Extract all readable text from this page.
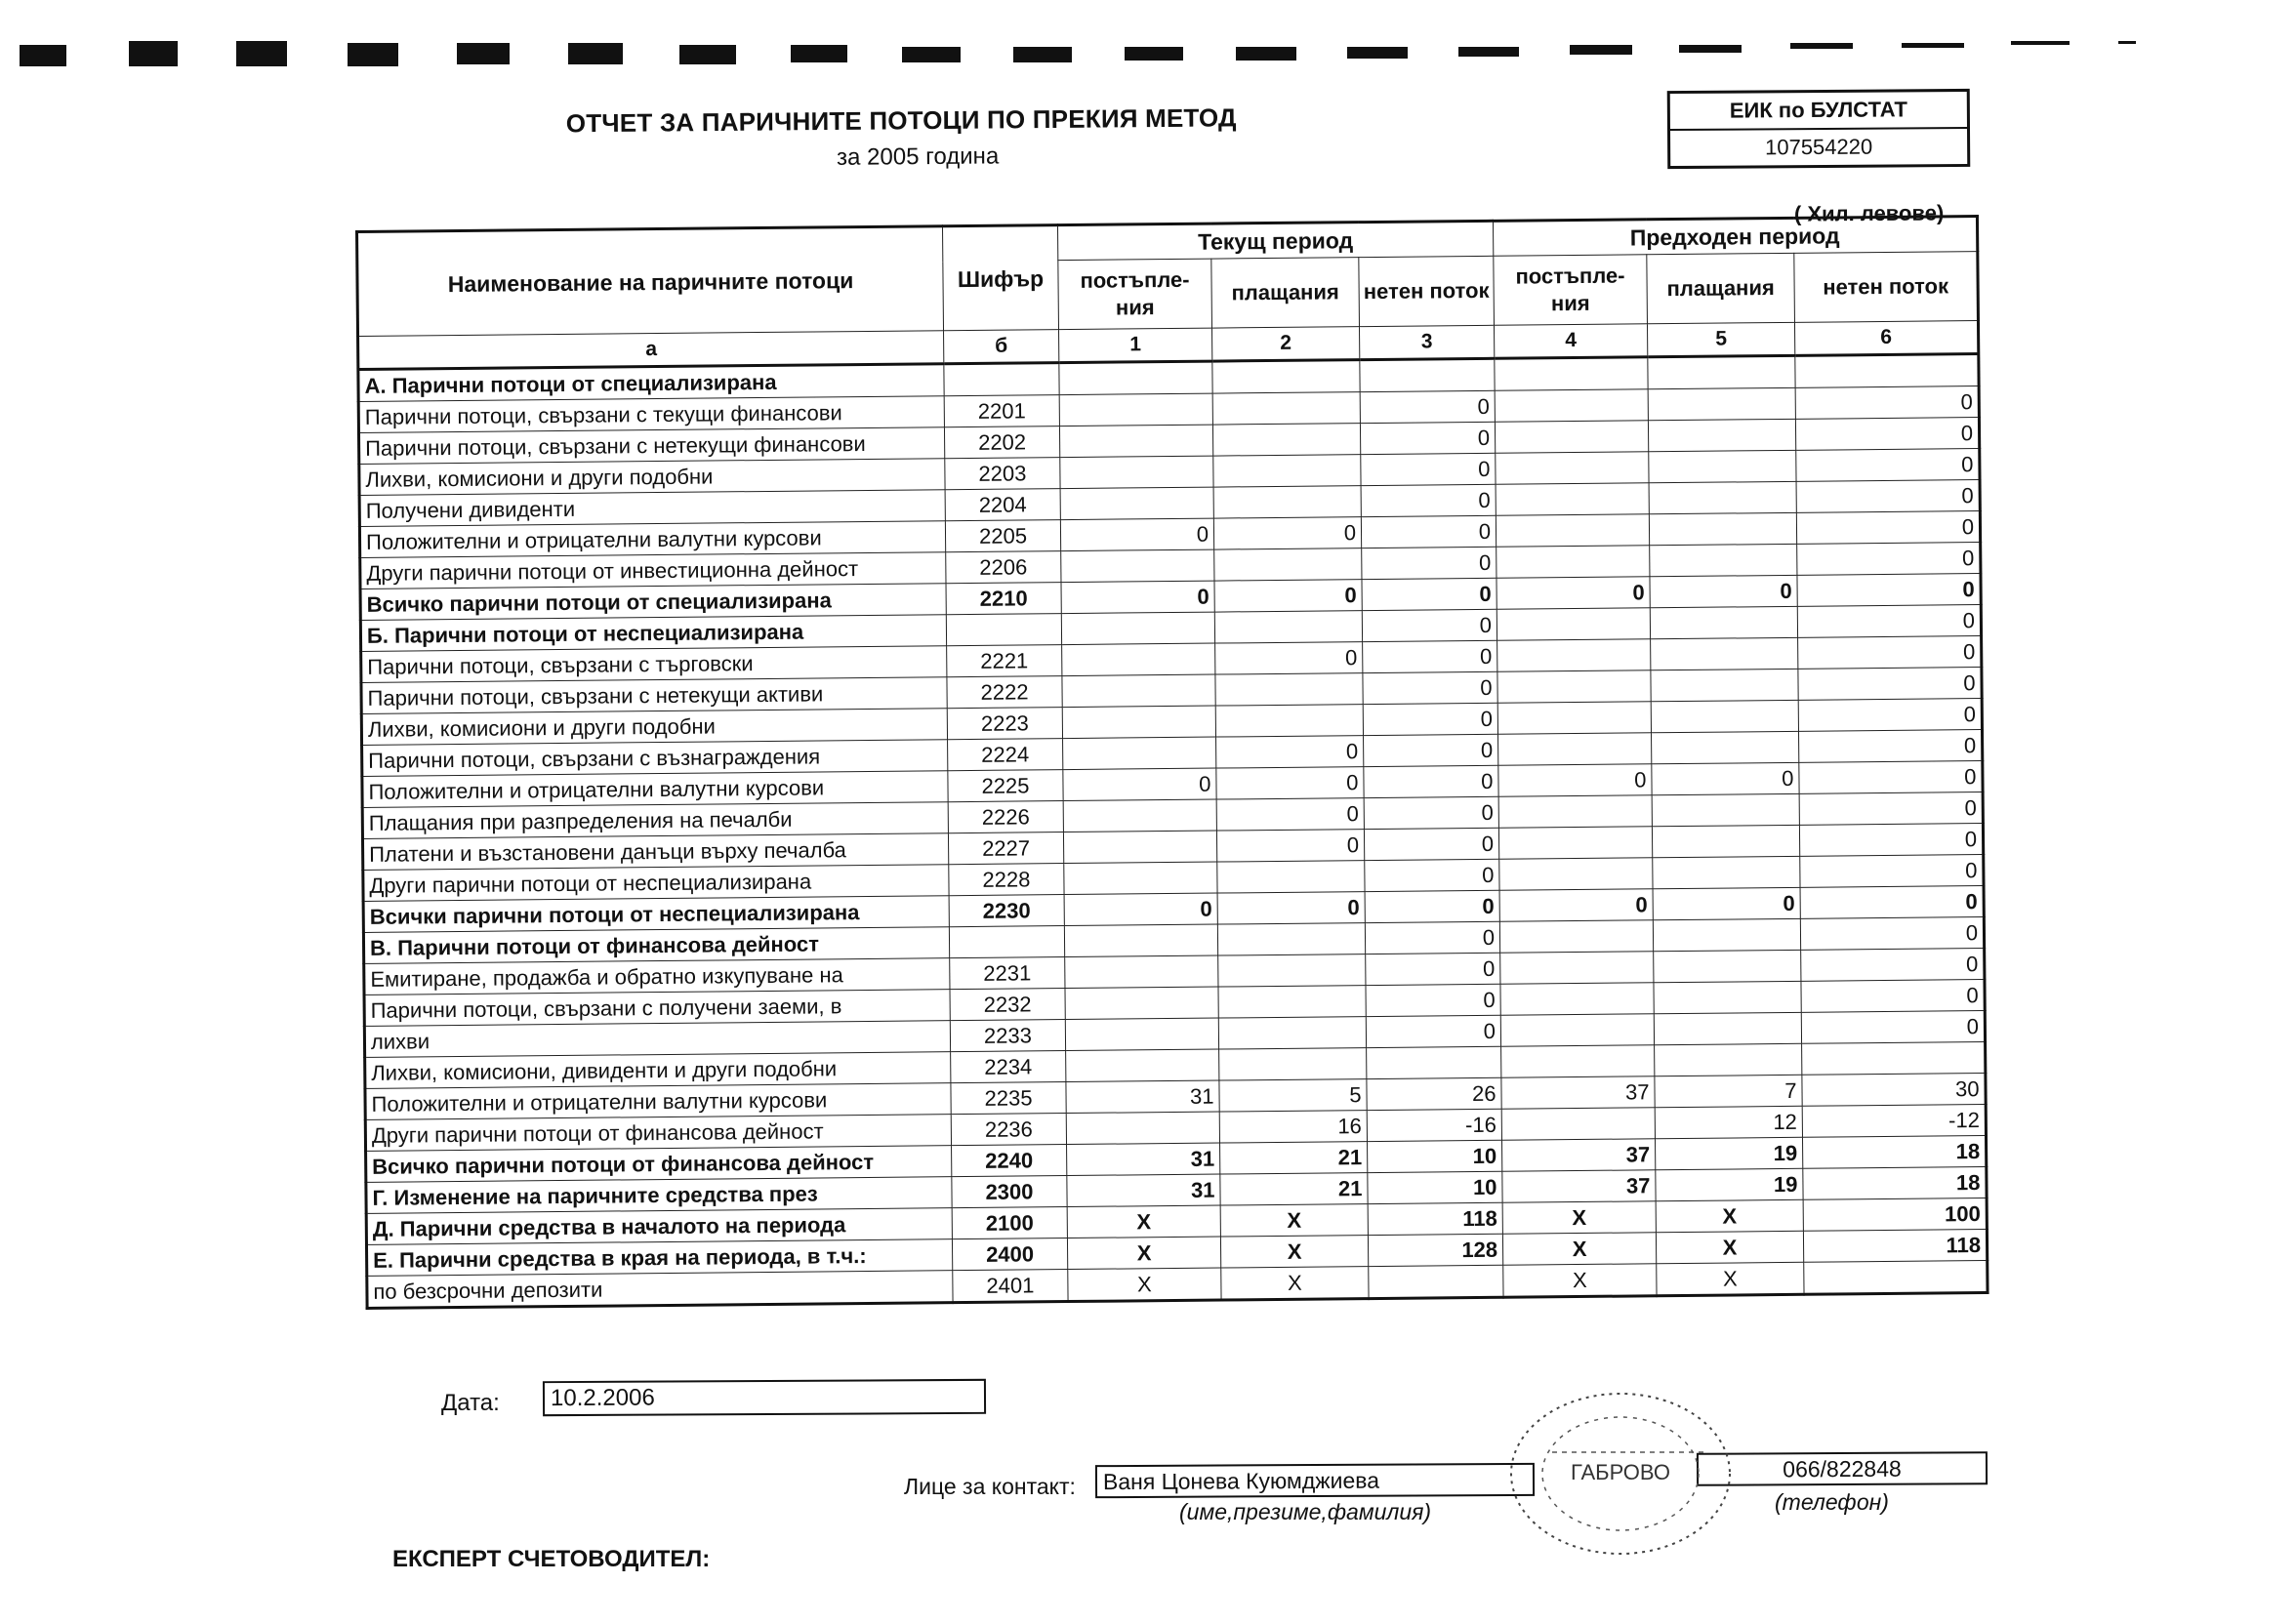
ОТЧЕТ ЗА ПАРИЧНИТЕ ПОТОЦИ ПО ПРЕКИЯ МЕТОД
за 2005 година
ЕИК по БУЛСТАТ
107554220
( Хил. левове)
Наименование на паричните потоци	Шифър	Текущ период			Предходен период		
		постъпле-ния	плащания	нетен поток	постъпле-ния	плащания	нетен поток
а	б	1	2	3	4	5	6
А. Парични потоци от специализирана							
Парични потоци, свързани с текущи финансови	2201			0			0
Парични потоци, свързани с нетекущи финансови	2202			0			0
Лихви, комисиони и други подобни	2203			0			0
Получени дивиденти	2204			0			0
Положителни и отрицателни валутни курсови	2205	0	0	0			0
Други парични потоци от инвестиционна дейност	2206			0			0
Всичко парични потоци от специализирана	2210	0	0	0	0	0	0
Б. Парични потоци от неспециализирана				0			0
Парични потоци, свързани с търговски	2221		0	0			0
Парични потоци, свързани с нетекущи активи	2222			0			0
Лихви, комисиони и други подобни	2223			0			0
Парични потоци, свързани с възнаграждения	2224		0	0			0
Положителни и отрицателни валутни курсови	2225	0	0	0	0	0	0
Плащания при разпределения на печалби	2226		0	0			0
Платени и възстановени данъци върху печалба	2227		0	0			0
Други парични потоци от неспециализирана	2228			0			0
Всички парични потоци от неспециализирана	2230	0	0	0	0	0	0
В. Парични потоци от финансова дейност				0			0
Емитиране, продажба и обратно изкупуване на	2231			0			0
Парични потоци, свързани с получени заеми, в	2232			0			0
лихви	2233			0			0
Лихви, комисиони, дивиденти и други подобни	2234						
Положителни и отрицателни валутни курсови	2235	31	5	26	37	7	30
Други парични потоци от финансова дейност	2236		16	-16		12	-12
Всичко парични потоци от финансова дейност	2240	31	21	10	37	19	18
Г. Изменение на паричните средства през	2300	31	21	10	37	19	18
Д. Парични средства в началото на периода	2100	X	X	118	X	X	100
Е. Парични средства в края на периода, в т.ч.:	2400	X	X	128	X	X	118
по безсрочни депозити	2401	X	X		X	X	
Дата:	10.2.2006
Лице за контакт:	Ваня Цонева Куюмджиева
(име,презиме,фамилия)
066/822848
(телефон)
ГАБРОВО
ЕКСПЕРТ СЧЕТОВОДИТЕЛ:
